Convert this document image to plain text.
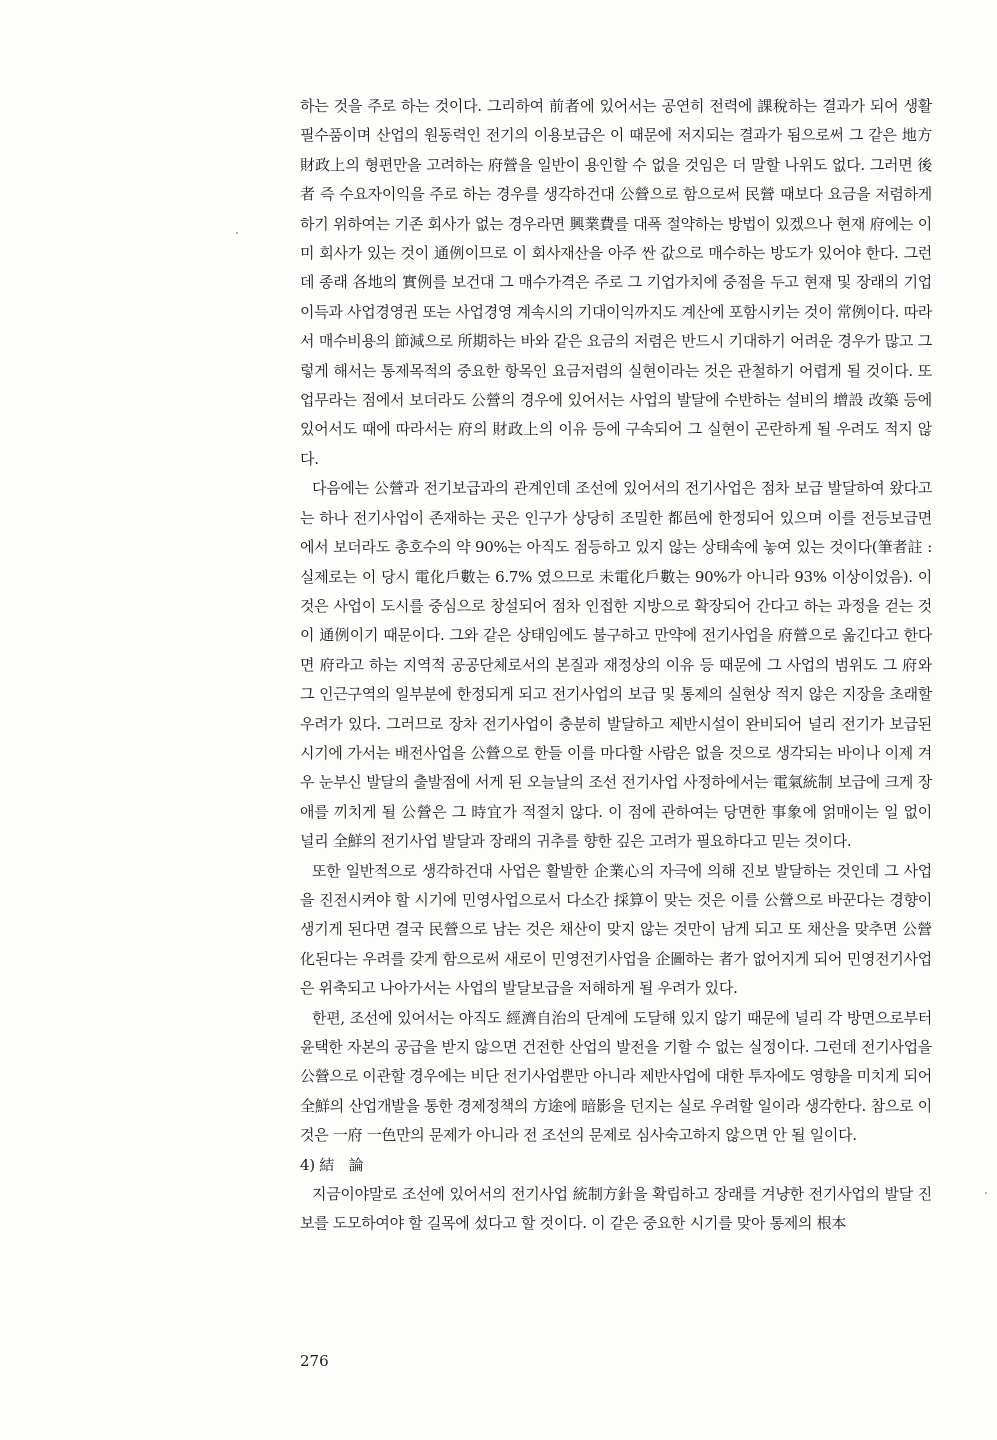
하는 것을 주로 하는 것이다. 그리하여 前者에 있어서는 공연히 전력에 課稅하는 결과가 되어 생활필수품이며 산업의 원동력인 전기의 이용보급은 이 때문에 저지되는 결과가 됨으로써 그 같은 地方財政上의 형편만을 고려하는 府營을 일반이 용인할 수 없을 것임은 더 말할 나위도 없다. 그러면 後者 즉 수요자이익을 주로 하는 경우를 생각하건대 公營으로 함으로써 民營 때보다 요금을 저렴하게 하기 위하여는 기존 회사가 없는 경우라면 興業費를 대폭 절약하는 방법이 있겠으나 현재 府에는 이미 회사가 있는 것이 通例이므로 이 회사재산을 아주 싼 값으로 매수하는 방도가 있어야 한다. 그런데 종래 各地의 實例를 보건대 그 매수가격은 주로 그 기업가치에 중점을 두고 현재 및 장래의 기업이득과 사업경영권 또는 사업경영 계속시의 기대이익까지도 계산에 포함시키는 것이 常例이다. 따라서 매수비용의 節減으로 所期하는 바와 같은 요금의 저렴은 반드시 기대하기 어려운 경우가 많고 그렇게 해서는 통제목적의 중요한 항목인 요금저렴의 실현이라는 것은 관철하기 어렵게 될 것이다. 또 업무라는 점에서 보더라도 公營의 경우에 있어서는 사업의 발달에 수반하는 설비의 增設 改築 등에 있어서도 때에 따라서는 府의 財政上의 이유 등에 구속되어 그 실현이 곤란하게 될 우려도 적지 않다.

다음에는 公營과 전기보급과의 관계인데 조선에 있어서의 전기사업은 점차 보급 발달하여 왔다고는 하나 전기사업이 존재하는 곳은 인구가 상당히 조밀한 都邑에 한정되어 있으며 이를 전등보급면에서 보더라도 총호수의 약 90%는 아직도 점등하고 있지 않는 상태속에 놓여 있는 것이다(筆者註 : 실제로는 이 당시 電化戶數는 6.7% 였으므로 未電化戶數는 90%가 아니라 93% 이상이었음). 이것은 사업이 도시를 중심으로 창설되어 점차 인접한 지방으로 확장되어 간다고 하는 과정을 걷는 것이 通例이기 때문이다. 그와 같은 상태임에도 불구하고 만약에 전기사업을 府營으로 옮긴다고 한다면 府라고 하는 지역적 공공단체로서의 본질과 재정상의 이유 등 때문에 그 사업의 범위도 그 府와 그 인근구역의 일부분에 한정되게 되고 전기사업의 보급 및 통제의 실현상 적지 않은 지장을 초래할 우려가 있다. 그러므로 장차 전기사업이 충분히 발달하고 제반시설이 완비되어 널리 전기가 보급된 시기에 가서는 배전사업을 公營으로 한들 이를 마다할 사람은 없을 것으로 생각되는 바이나 이제 겨우 눈부신 발달의 출발점에 서게 된 오늘날의 조선 전기사업 사정하에서는 電氣統制 보급에 크게 장애를 끼치게 될 公營은 그 時宜가 적절치 않다. 이 점에 관하여는 당면한 事象에 얽매이는 일 없이 널리 全鮮의 전기사업 발달과 장래의 귀추를 향한 깊은 고려가 필요하다고 믿는 것이다.

또한 일반적으로 생각하건대 사업은 활발한 企業心의 자극에 의해 진보 발달하는 것인데 그 사업을 진전시켜야 할 시기에 민영사업으로서 다소간 採算이 맞는 것은 이를 公營으로 바꾼다는 경향이 생기게 된다면 결국 民營으로 남는 것은 채산이 맞지 않는 것만이 남게 되고 또 채산을 맞추면 公營化된다는 우려를 갖게 함으로써 새로이 민영전기사업을 企圖하는 者가 없어지게 되어 민영전기사업은 위축되고 나아가서는 사업의 발달보급을 저해하게 될 우려가 있다.

한편, 조선에 있어서는 아직도 經濟自治의 단계에 도달해 있지 않기 때문에 널리 각 방면으로부터 윤택한 자본의 공급을 받지 않으면 건전한 산업의 발전을 기할 수 없는 실정이다. 그런데 전기사업을 公營으로 이관할 경우에는 비단 전기사업뿐만 아니라 제반사업에 대한 투자에도 영향을 미치게 되어 全鮮의 산업개발을 통한 경제정책의 方途에 暗影을 던지는 실로 우려할 일이라 생각한다. 참으로 이것은 一府 一色만의 문제가 아니라 전 조선의 문제로 심사숙고하지 않으면 안 될 일이다.

4) 結　論

지금이야말로 조선에 있어서의 전기사업 統制方針을 확립하고 장래를 겨냥한 전기사업의 발달 진보를 도모하여야 할 길목에 섰다고 할 것이다. 이 같은 중요한 시기를 맞아 통제의 根本

276
